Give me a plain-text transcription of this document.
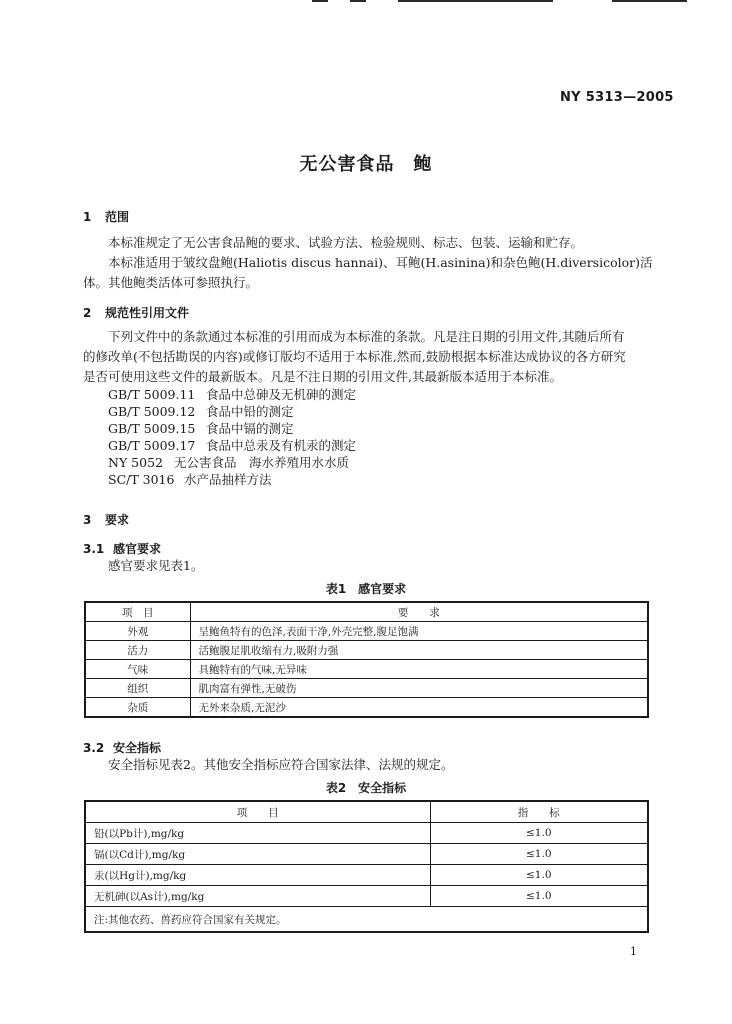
NY 5313—2005
无公害食品　鲍
1 范围
本标准规定了无公害食品鲍的要求、试验方法、检验规则、标志、包装、运输和贮存。
本标准适用于皱纹盘鲍(Haliotis discus hannai)、耳鲍(H.asinina)和杂色鲍(H.diversicolor)活
体。其他鲍类活体可参照执行。
2 规范性引用文件
下列文件中的条款通过本标准的引用而成为本标准的条款。凡是注日期的引用文件,其随后所有
的修改单(不包括勘误的内容)或修订版均不适用于本标准,然而,鼓励根据本标准达成协议的各方研究
是否可使用这些文件的最新版本。凡是不注日期的引用文件,其最新版本适用于本标准。
GB/T 5009.11 食品中总砷及无机砷的测定
GB/T 5009.12 食品中铅的测定
GB/T 5009.15 食品中镉的测定
GB/T 5009.17 食品中总汞及有机汞的测定
NY 5052 无公害食品　海水养殖用水水质
SC/T 3016 水产品抽样方法
3 要求
3.1 感官要求
感官要求见表1。
表1　感官要求
项　目	要　　求
外观	呈鲍鱼特有的色泽,表面干净,外壳完整,腹足饱满
活力	活鲍腹足肌收缩有力,吸附力强
气味	具鲍特有的气味,无异味
组织	肌肉富有弹性,无破伤
杂质	无外来杂质,无泥沙
3.2 安全指标
安全指标见表2。其他安全指标应符合国家法律、法规的规定。
表2　安全指标
项　　目	指　　标
铅(以Pb计),mg/kg	≤1.0
镉(以Cd计),mg/kg	≤1.0
汞(以Hg计),mg/kg	≤1.0
无机砷(以As计),mg/kg	≤1.0
注:其他农药、兽药应符合国家有关规定。	
1
